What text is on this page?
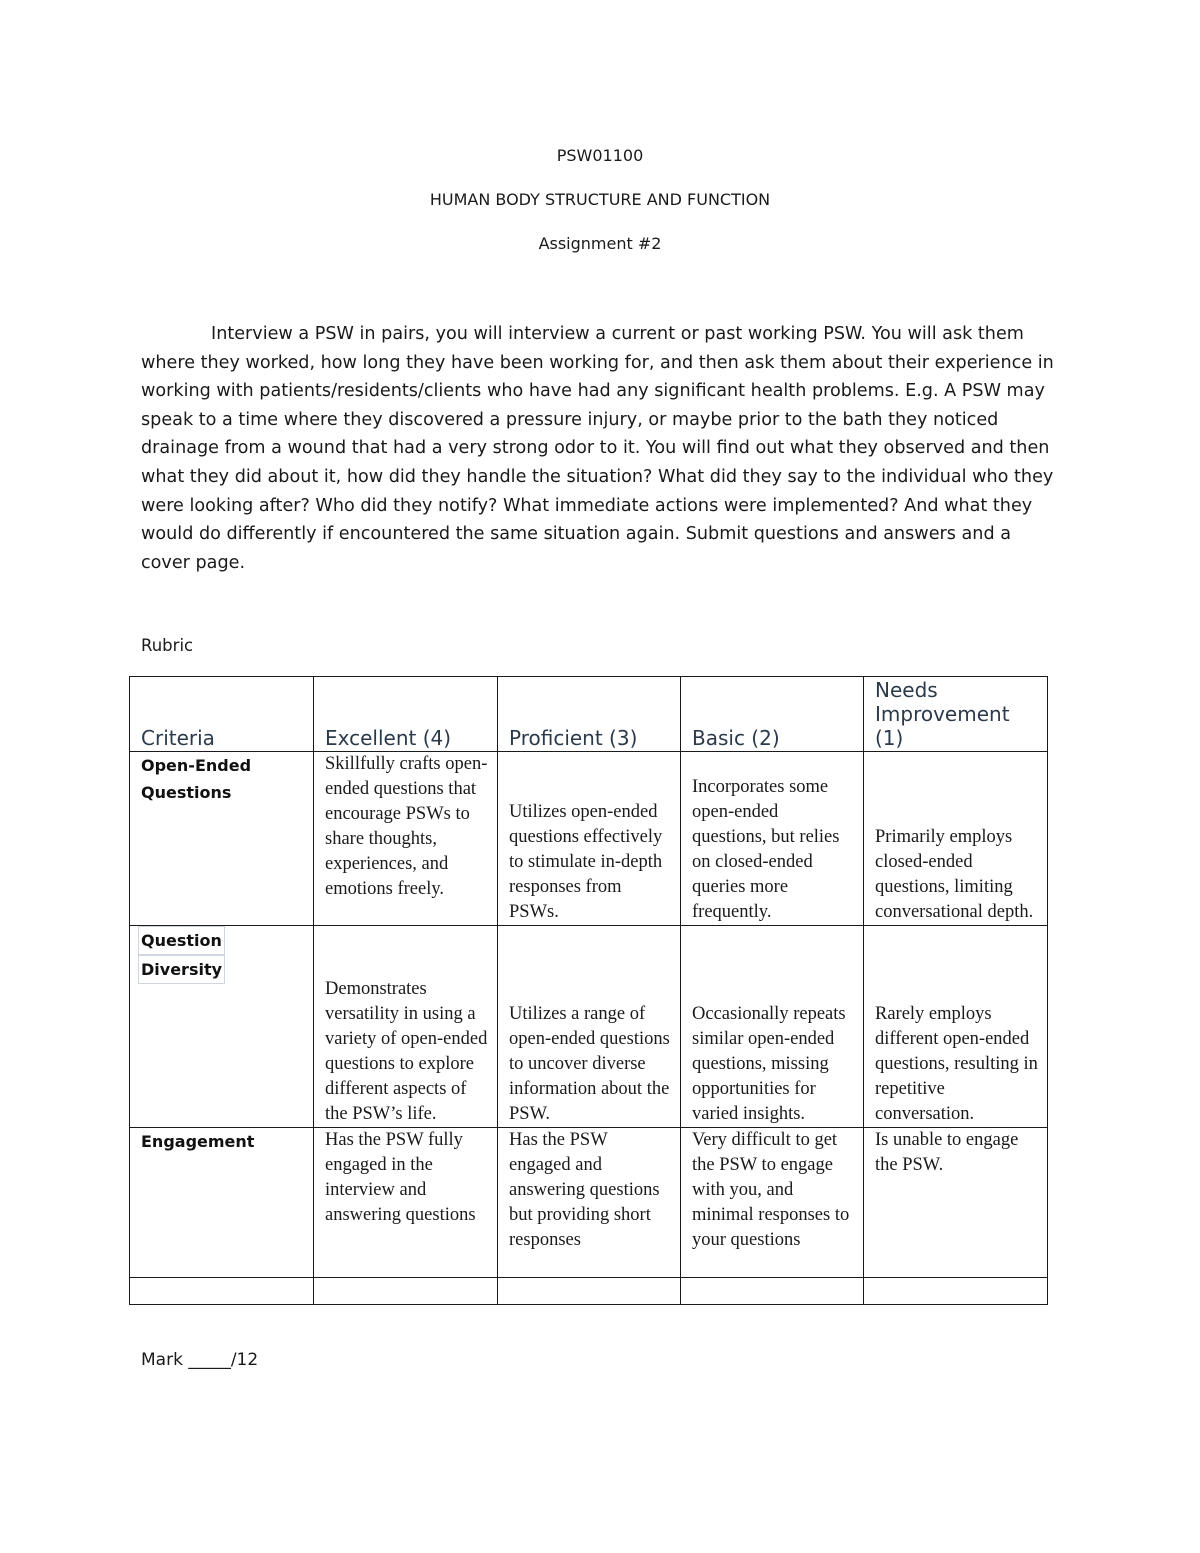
PSW01100
HUMAN BODY STRUCTURE AND FUNCTION
Assignment #2

Interview a PSW in pairs, you will interview a current or past working PSW. You will ask them where they worked, how long they have been working for, and then ask them about their experience in working with patients/residents/clients who have had any significant health problems. E.g. A PSW may speak to a time where they discovered a pressure injury, or maybe prior to the bath they noticed drainage from a wound that had a very strong odor to it. You will find out what they observed and then what they did about it, how did they handle the situation? What did they say to the individual who they were looking after? Who did they notify? What immediate actions were implemented? And what they would do differently if encountered the same situation again. Submit questions and answers and a cover page.

Rubric
Criteria	Excellent (4)	Proficient (3)	Basic (2)	Needs Improvement (1)
Open-Ended Questions	Skillfully crafts open-ended questions that encourage PSWs to share thoughts, experiences, and emotions freely.	Utilizes open-ended questions effectively to stimulate in-depth responses from PSWs.	Incorporates some open-ended questions, but relies on closed-ended queries more frequently.	Primarily employs closed-ended questions, limiting conversational depth.
Question
Diversity	Demonstrates versatility in using a variety of open-ended questions to explore different aspects of the PSW’s life.	Utilizes a range of open-ended questions to uncover diverse information about the PSW.	Occasionally repeats similar open-ended questions, missing opportunities for varied insights.	Rarely employs different open-ended questions, resulting in repetitive conversation.
Engagement	Has the PSW fully engaged in the interview and answering questions	Has the PSW engaged and answering questions but providing short responses	Very difficult to get the PSW to engage with you, and minimal responses to your questions	Is unable to engage the PSW.

Mark _____/12
